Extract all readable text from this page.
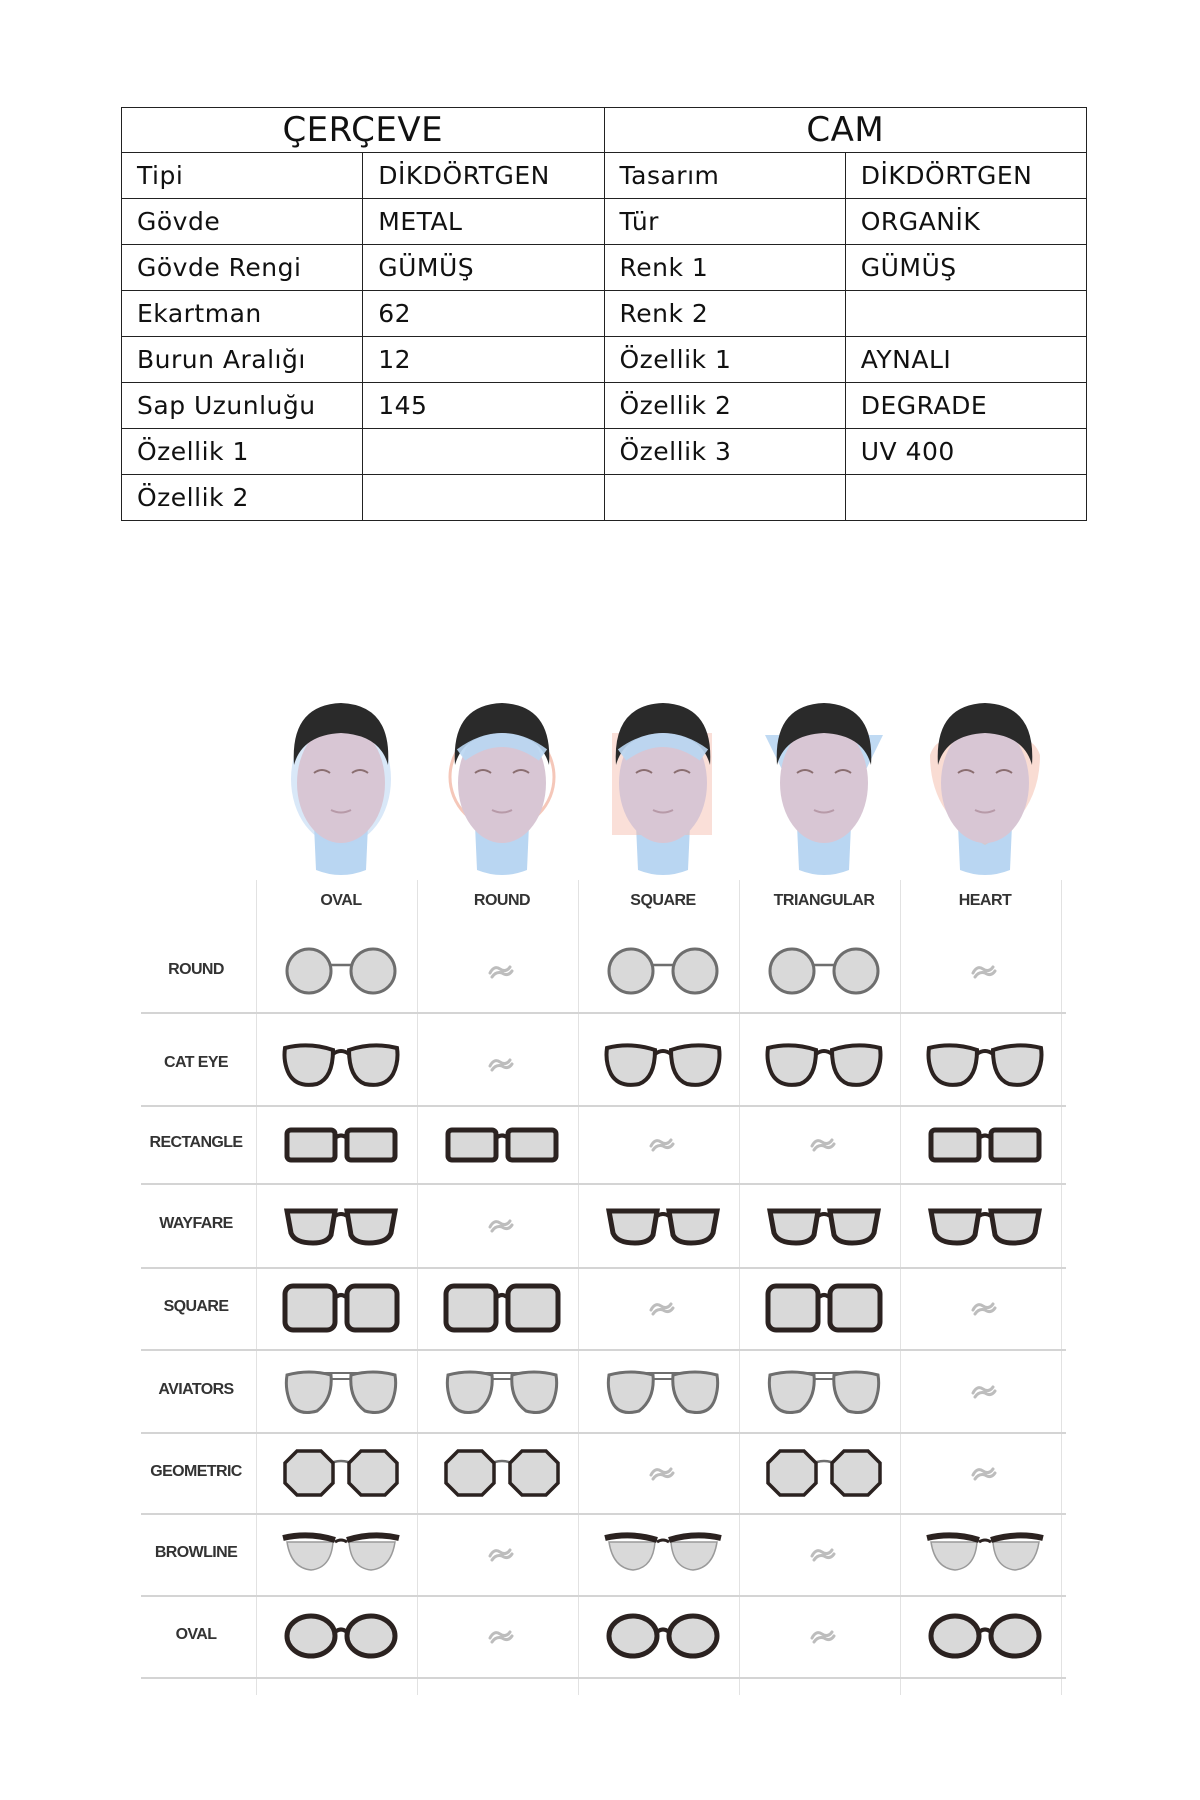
ÇERÇEVE		CAM	
Tipi	DİKDÖRTGEN	Tasarım	DİKDÖRTGEN
Gövde	METAL	Tür	ORGANİK
Gövde Rengi	GÜMÜŞ	Renk 1	GÜMÜŞ
Ekartman	62	Renk 2	
Burun Aralığı	12	Özellik 1	AYNALI
Sap Uzunluğu	145	Özellik 2	DEGRADE
Özellik 1		Özellik 3	UV 400
Özellik 2			
OVAL	ROUND	SQUARE	TRIANGULAR	HEART
ROUND
CAT EYE
RECTANGLE
WAYFARE
SQUARE
AVIATORS
GEOMETRIC
BROWLINE
OVAL
